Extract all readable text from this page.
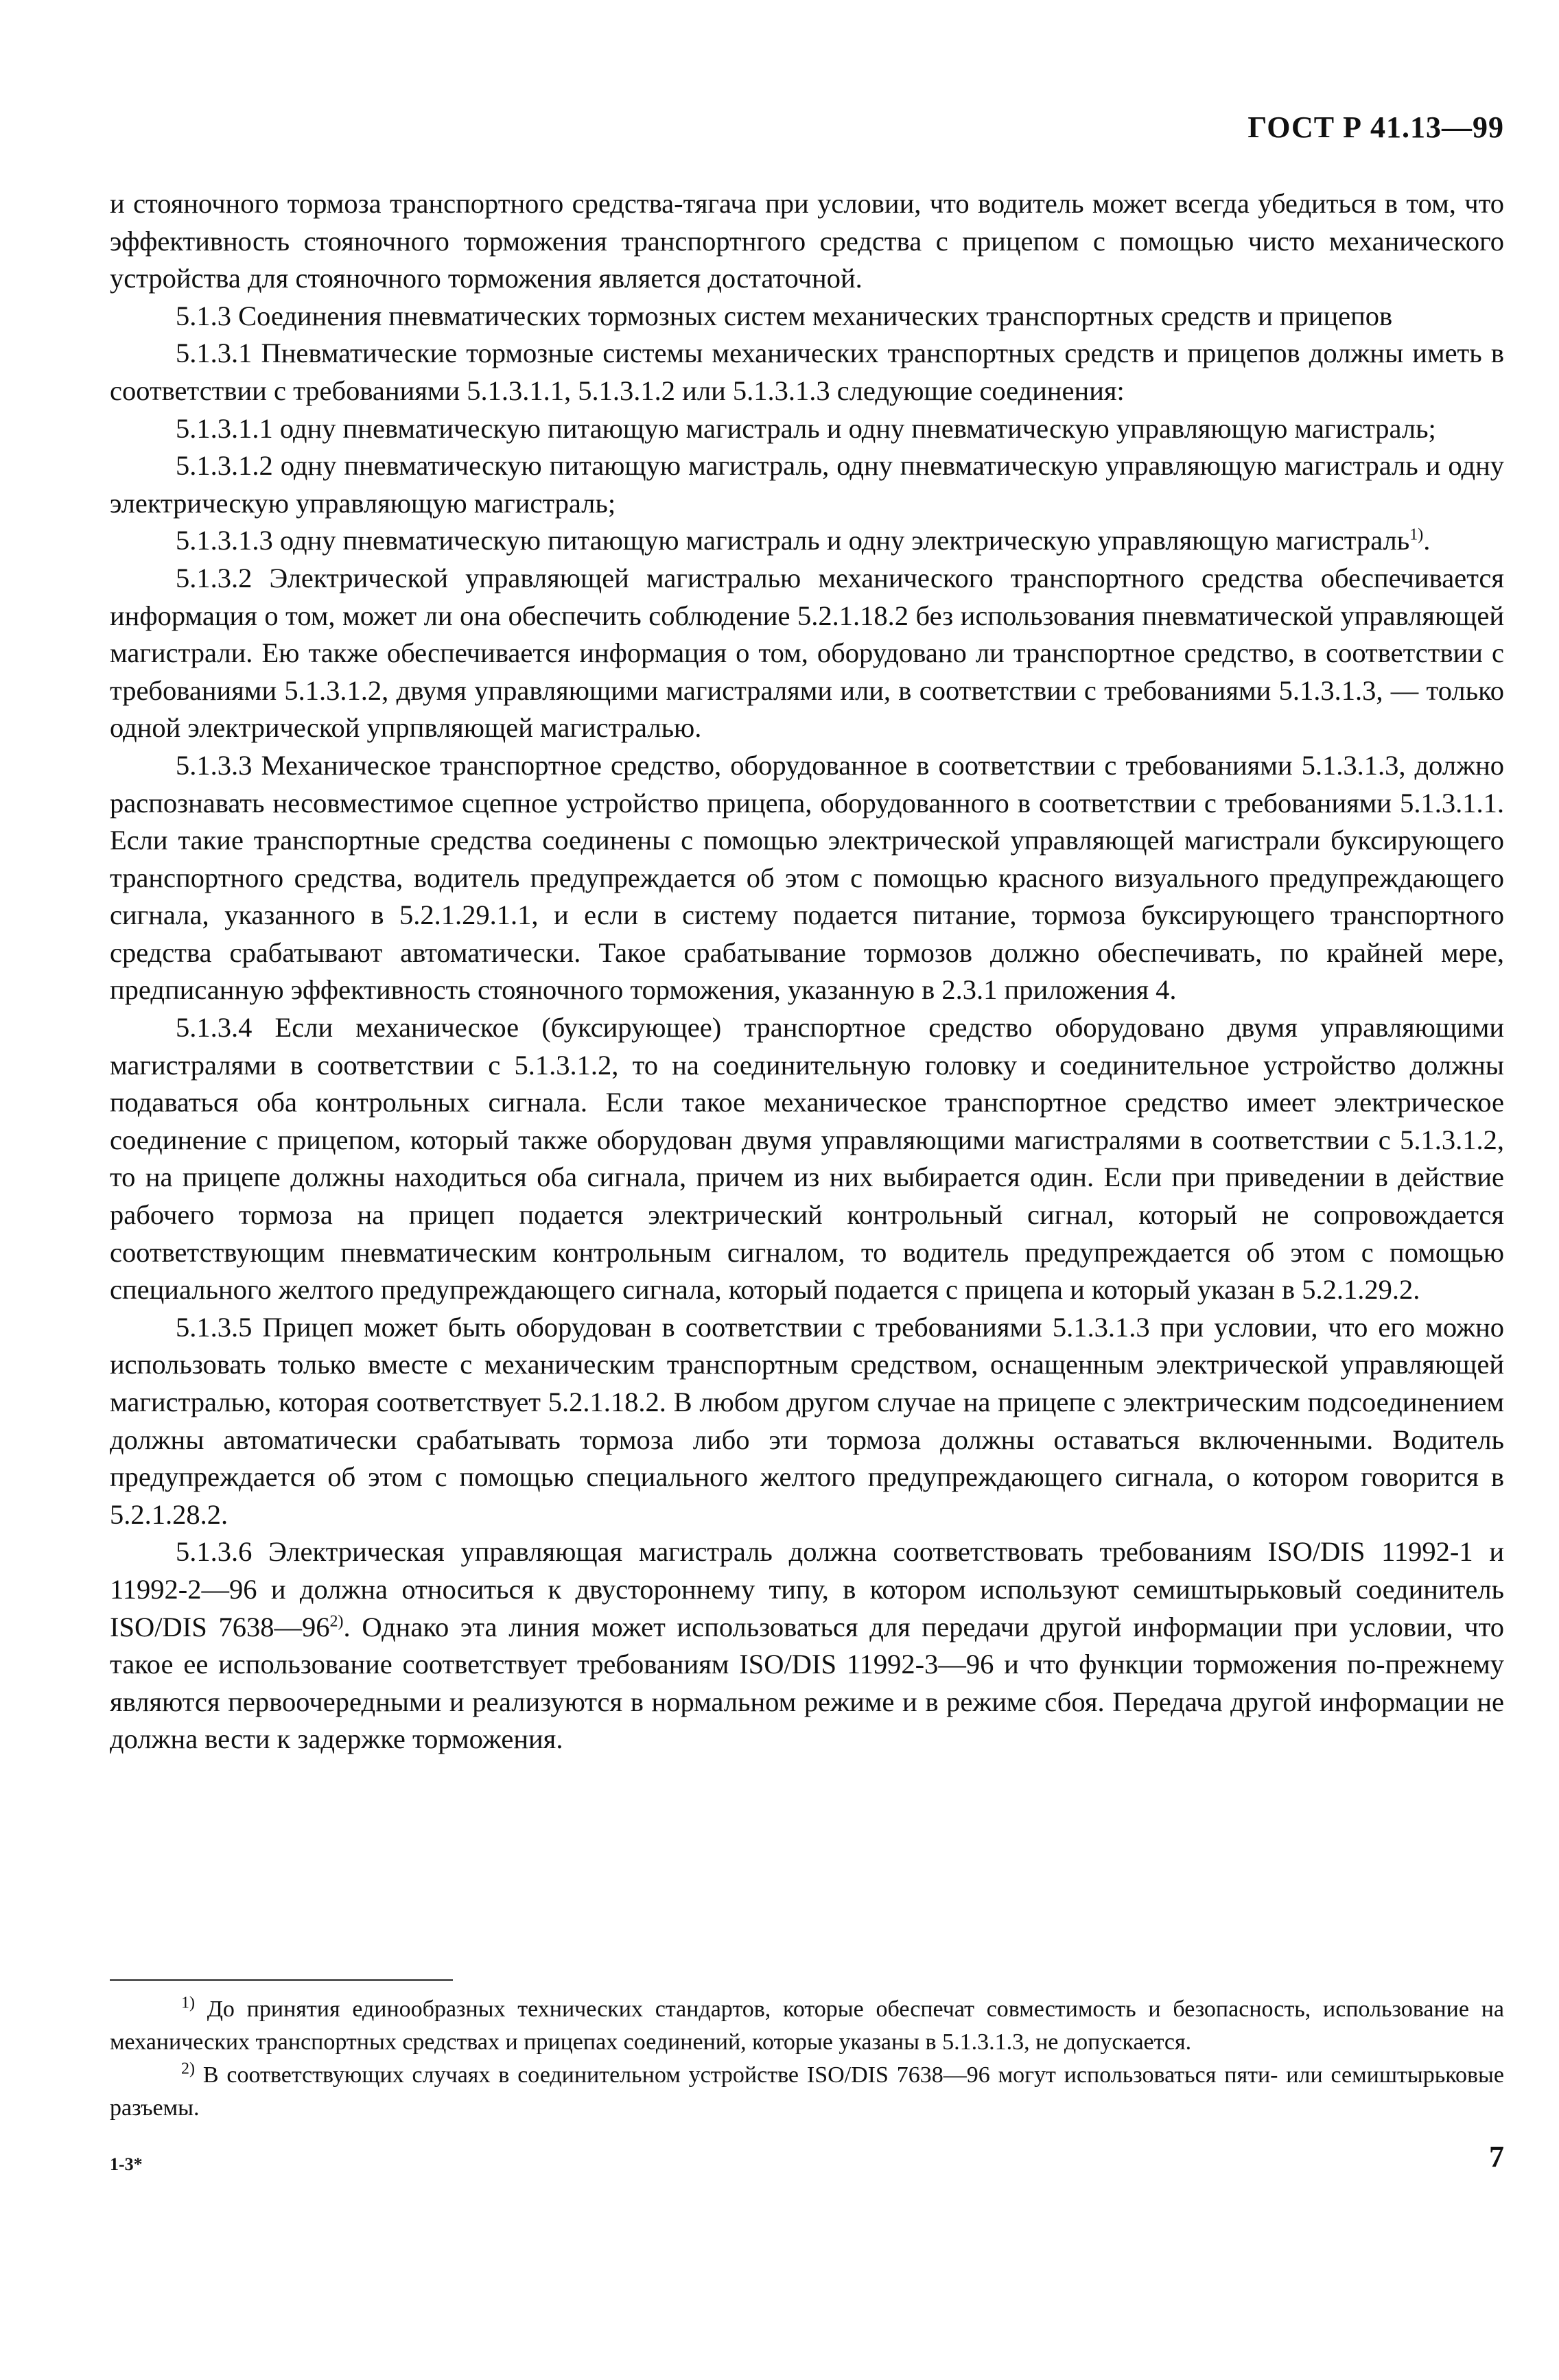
ГОСТ Р 41.13—99

и стояночного тормоза транспортного средства-тягача при условии, что водитель может всегда убедиться в том, что эффективность стояночного торможения транспортнгого средства с прицепом с помощью чисто механического устройства для стояночного торможения является достаточной.

5.1.3 Соединения пневматических тормозных систем механических транспортных средств и прицепов

5.1.3.1 Пневматические тормозные системы механических транспортных средств и прицепов должны иметь в соответствии с требованиями 5.1.3.1.1, 5.1.3.1.2 или 5.1.3.1.3 следующие соединения:

5.1.3.1.1 одну пневматическую питающую магистраль и одну пневматическую управляющую магистраль;

5.1.3.1.2 одну пневматическую питающую магистраль, одну пневматическую управляющую магистраль и одну электрическую управляющую магистраль;

5.1.3.1.3 одну пневматическую питающую магистраль и одну электрическую управляющую магистраль$^{1)}$.

5.1.3.2 Электрической управляющей магистралью механического транспортного средства обеспечивается информация о том, может ли она обеспечить соблюдение 5.2.1.18.2 без использования пневматической управляющей магистрали. Ею также обеспечивается информация о том, оборудовано ли транспортное средство, в соответствии с требованиями 5.1.3.1.2, двумя управляющими магистралями или, в соответствии с требованиями 5.1.3.1.3, — только одной электрической упрпвляющей магистралью.

5.1.3.3 Механическое транспортное средство, оборудованное в соответствии с требованиями 5.1.3.1.3, должно распознавать несовместимое сцепное устройство прицепа, оборудованного в соответствии с требованиями 5.1.3.1.1. Если такие транспортные средства соединены с помощью электрической управляющей магистрали буксирующего транспортного средства, водитель предупреждается об этом с помощью красного визуального предупреждающего сигнала, указанного в 5.2.1.29.1.1, и если в систему подается питание, тормоза буксирующего транспортного средства срабатывают автоматически. Такое срабатывание тормозов должно обеспечивать, по крайней мере, предписанную эффективность стояночного торможения, указанную в 2.3.1 приложения 4.

5.1.3.4 Если механическое (буксирующее) транспортное средство оборудовано двумя управляющими магистралями в соответствии с 5.1.3.1.2, то на соединительную головку и соединительное устройство должны подаваться оба контрольных сигнала. Если такое механическое транспортное средство имеет электрическое соединение с прицепом, который также оборудован двумя управляющими магистралями в соответствии с 5.1.3.1.2, то на прицепе должны находиться оба сигнала, причем из них выбирается один. Если при приведении в действие рабочего тормоза на прицеп подается электрический контрольный сигнал, который не сопровождается соответствующим пневматическим контрольным сигналом, то водитель предупреждается об этом с помощью специального желтого предупреждающего сигнала, который подается с прицепа и который указан в 5.2.1.29.2.

5.1.3.5 Прицеп может быть оборудован в соответствии с требованиями 5.1.3.1.3 при условии, что его можно использовать только вместе с механическим транспортным средством, оснащенным электрической управляющей магистралью, которая соответствует 5.2.1.18.2. В любом другом случае на прицепе с электрическим подсоединением должны автоматически срабатывать тормоза либо эти тормоза должны оставаться включенными. Водитель предупреждается об этом с помощью специального желтого предупреждающего сигнала, о котором говорится в 5.2.1.28.2.

5.1.3.6 Электрическая управляющая магистраль должна соответствовать требованиям ISO/DIS 11992-1 и 11992-2—96 и должна относиться к двустороннему типу, в котором используют семиштырьковый соединитель ISO/DIS 7638—96$^{2)}$. Однако эта линия может использоваться для передачи другой информации при условии, что такое ее использование соответствует требованиям ISO/DIS 11992-3—96 и что функции торможения по-прежнему являются первоочередными и реализуются в нормальном режиме и в режиме сбоя. Передача другой информации не должна вести к задержке торможения.

$^{1)}$ До принятия единообразных технических стандартов, которые обеспечат совместимость и безопасность, использование на механических транспортных средствах и прицепах соединений, которые указаны в 5.1.3.1.3, не допускается.

$^{2)}$ В соответствующих случаях в соединительном устройстве ISO/DIS 7638—96 могут использоваться пяти- или семиштырьковые разъемы.

1-3*	7
